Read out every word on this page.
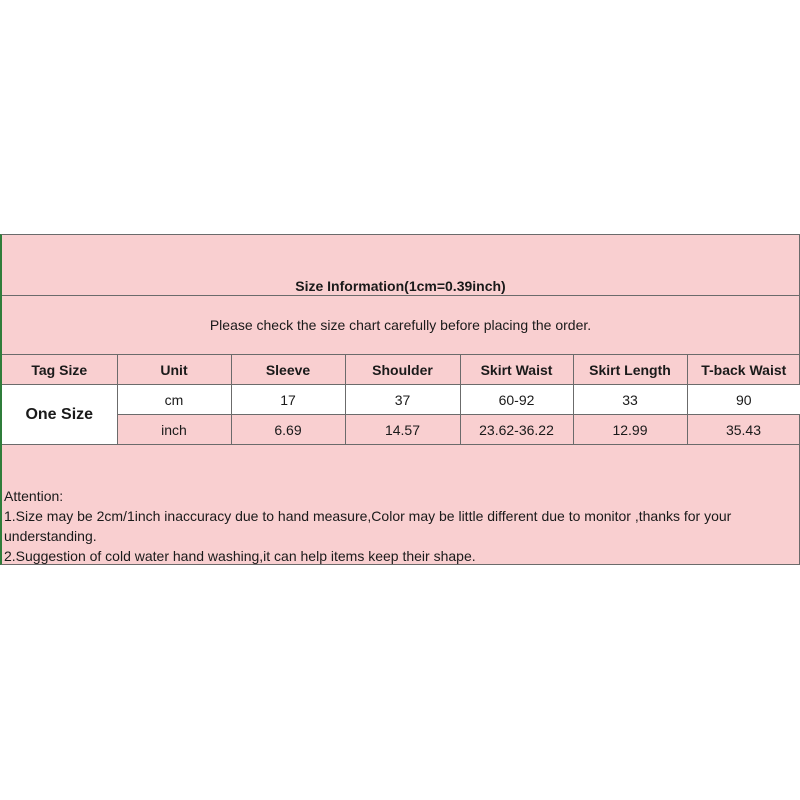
Size Information(1cm=0.39inch)
Please check the size chart carefully before placing the order.
Tag Size	Unit	Sleeve	Shoulder	Skirt Waist	Skirt Length	T-back Waist
One Size	cm	17	37	60-92	33	90
	inch	6.69	14.57	23.62-36.22	12.99	35.43
Attention:
1.Size may be 2cm/1inch inaccuracy due to hand measure,Color may be little different due to monitor ,thanks for your understanding.
2.Suggestion of cold water hand washing,it can help items keep their shape.
